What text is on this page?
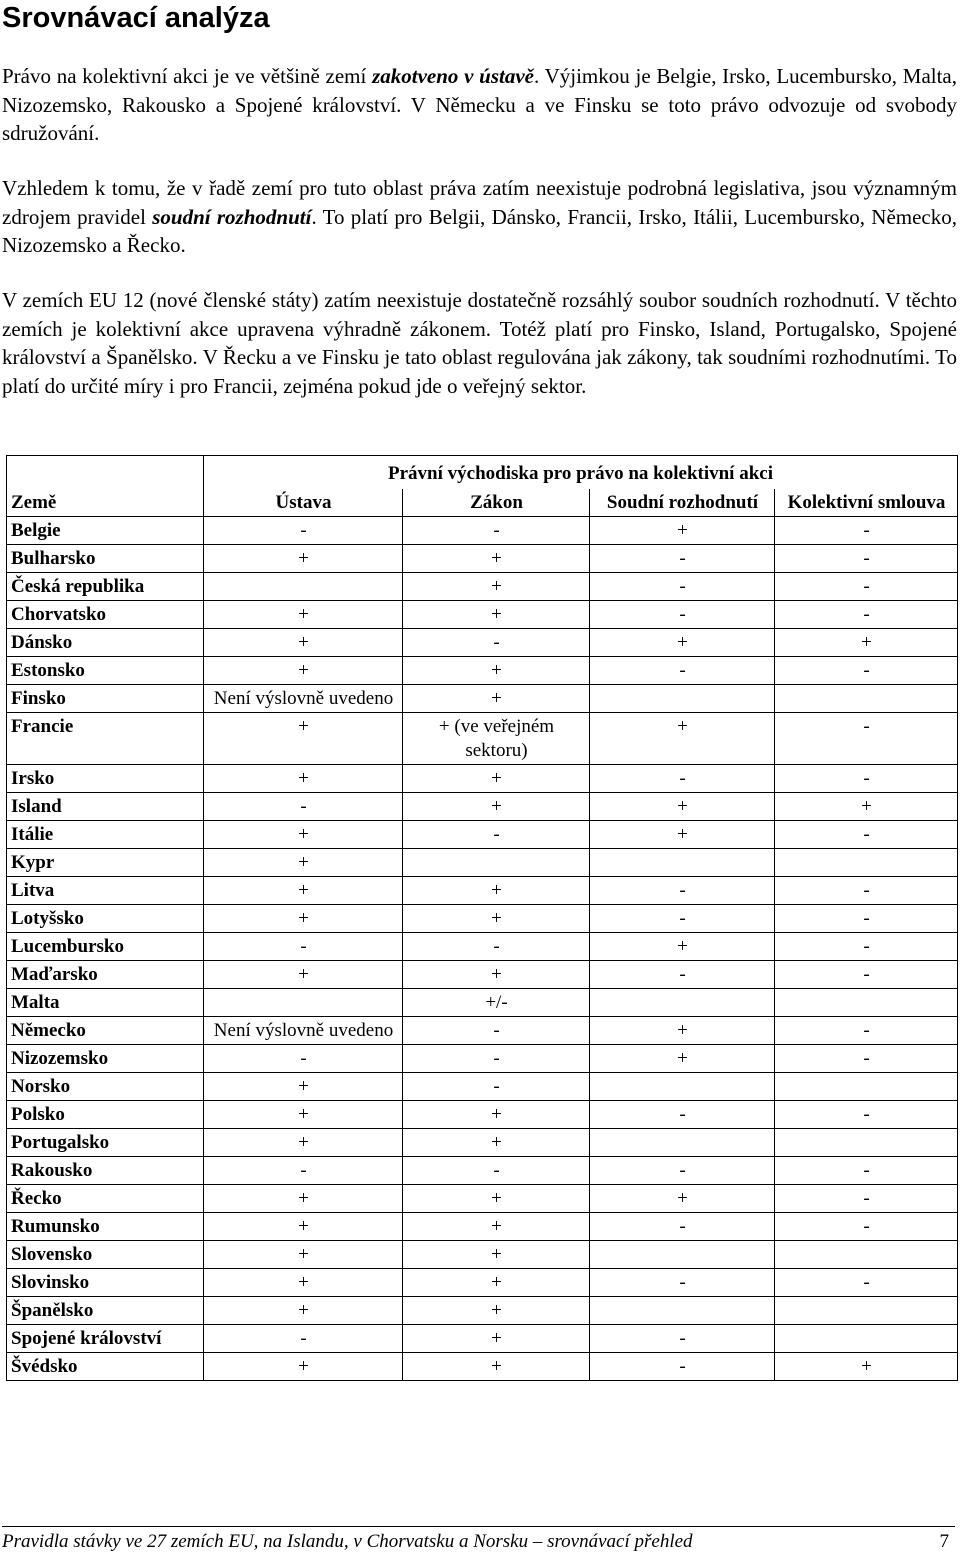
Srovnávací analýza

Právo na kolektivní akci je ve většině zemí zakotveno v ústavě. Výjimkou je Belgie, Irsko, Lucembursko, Malta, Nizozemsko, Rakousko a Spojené království. V Německu a ve Finsku se toto právo odvozuje od svobody sdružování.

Vzhledem k tomu, že v řadě zemí pro tuto oblast práva zatím neexistuje podrobná legislativa, jsou významným zdrojem pravidel soudní rozhodnutí. To platí pro Belgii, Dánsko, Francii, Irsko, Itálii, Lucembursko, Německo, Nizozemsko a Řecko.

V zemích EU 12 (nové členské státy) zatím neexistuje dostatečně rozsáhlý soubor soudních rozhodnutí. V těchto zemích je kolektivní akce upravena výhradně zákonem. Totéž platí pro Finsko, Island, Portugalsko, Spojené království a Španělsko. V Řecku a ve Finsku je tato oblast regulována jak zákony, tak soudními rozhodnutími. To platí do určité míry i pro Francii, zejména pokud jde o veřejný sektor.

	Právní východiska pro právo na kolektivní akci			
Země	Ústava	Zákon	Soudní rozhodnutí	Kolektivní smlouva
Belgie	-	-	+	-
Bulharsko	+	+	-	-
Česká republika		+	-	-
Chorvatsko	+	+	-	-
Dánsko	+	-	+	+
Estonsko	+	+	-	-
Finsko	Není výslovně uvedeno	+		
Francie	+	+ (ve veřejném sektoru)	+	-
Irsko	+	+	-	-
Island	-	+	+	+
Itálie	+	-	+	-
Kypr	+			
Litva	+	+	-	-
Lotyšsko	+	+	-	-
Lucembursko	-	-	+	-
Maďarsko	+	+	-	-
Malta		+/-		
Německo	Není výslovně uvedeno	-	+	-
Nizozemsko	-	-	+	-
Norsko	+	-		
Polsko	+	+	-	-
Portugalsko	+	+		
Rakousko	-	-	-	-
Řecko	+	+	+	-
Rumunsko	+	+	-	-
Slovensko	+	+		
Slovinsko	+	+	-	-
Španělsko	+	+		
Spojené království	-	+	-	
Švédsko	+	+	-	+
Pravidla stávky ve 27 zemích EU, na Islandu, v Chorvatsku a Norsku – srovnávací přehled	7
